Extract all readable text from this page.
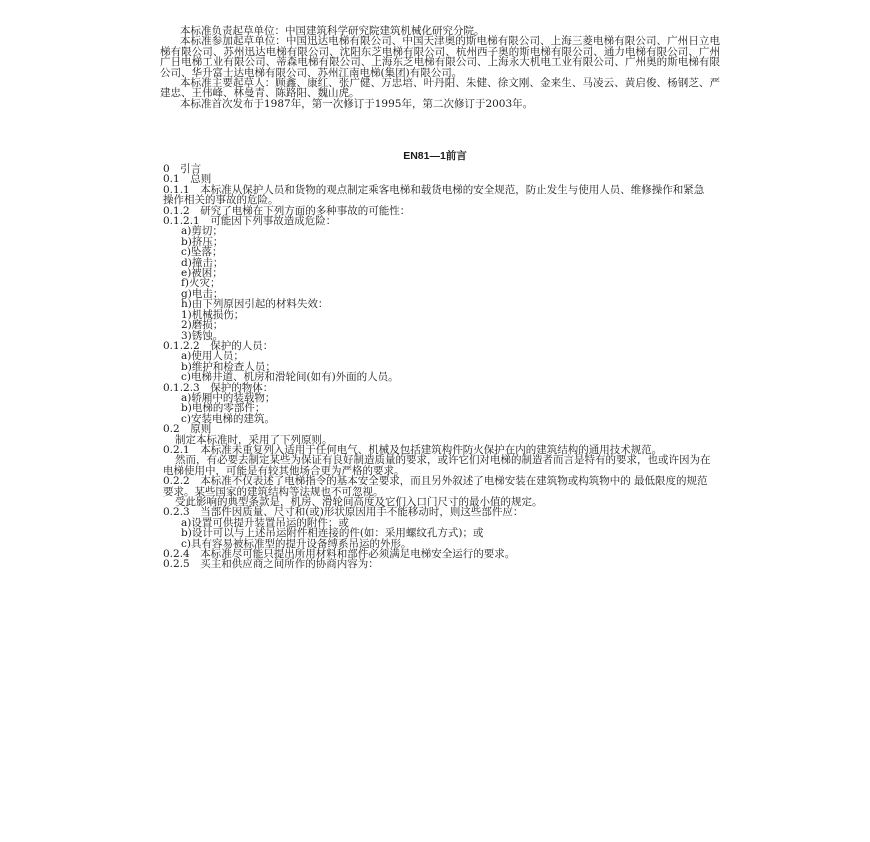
本标准负责起草单位：中国建筑科学研究院建筑机械化研究分院。

本标准参加起草单位：中国迅达电梯有限公司、中国天津奥的斯电梯有限公司、上海三菱电梯有限公司、广州日立电梯有限公司、苏州迅达电梯有限公司、沈阳东芝电梯有限公司、杭州西子奥的斯电梯有限公司、通力电梯有限公司、广州广日电梯工业有限公司、蒂森电梯有限公司、上海东芝电梯有限公司、上海永大机电工业有限公司、广州奥的斯电梯有限公司、华升富士达电梯有限公司、苏州江南电梯(集团)有限公司。

本标准主要起草人：顾鑫、康红、张广健、万忠培、叶丹阳、朱健、徐文刚、金来生、马凌云、黄启俊、杨钢芝、严建忠、王伟峰、林曼青、陈路阳、魏山虎。

本标准首次发布于1987年，第一次修订于1995年，第二次修订于2003年。

EN81—1前言

0　引言

0.1　总则

0.1.1　本标准从保护人员和货物的观点制定乘客电梯和载货电梯的安全规范，防止发生与使用人员、维修操作和紧急操作相关的事故的危险。

0.1.2　研究了电梯在下列方面的多种事故的可能性：

0.1.2.1　可能因下列事故造成危险：

a)剪切；

b)挤压；

c)坠落；

d)撞击；

e)被困；

f)火灾；

g)电击；

h)由下列原因引起的材料失效：

1)机械损伤；

2)磨损；

3)锈蚀。

0.1.2.2　保护的人员：

a)使用人员；

b)维护和检查人员；

c)电梯井道、机房和滑轮间(如有)外面的人员。

0.1.2.3　保护的物体：

a)轿厢中的装载物；

b)电梯的零部件；

c)安装电梯的建筑。

0.2　原则

制定本标准时，采用了下列原则。

0.2.1　本标准未重复列入适用于任何电气、机械及包括建筑构件防火保护在内的建筑结构的通用技术规范。

然而，有必要去制定某些为保证有良好制造质量的要求，或许它们对电梯的制造者而言是特有的要求，也或许因为在电梯使用中，可能是有较其他场合更为严格的要求。

0.2.2　本标准不仅表述了电梯指令的基本安全要求，而且另外叙述了电梯安装在建筑物或构筑物中的 最低限度的规范要求。某些国家的建筑结构等法规也不可忽视。

受此影响的典型条款是，机房、滑轮间高度及它们入口门尺寸的最小值的规定。

0.2.3　当部件因质量、尺寸和(或)形状原因用手不能移动时，则这些部件应：

a)设置可供提升装置吊运的附件；或

b)设计可以与上述吊运附件相连接的件(如：采用螺纹孔方式)；或

c)具有容易被标准型的提升设备缚系吊运的外形。

0.2.4　本标准尽可能只提出所用材料和部件必须满足电梯安全运行的要求。

0.2.5　买主和供应商之间所作的协商内容为：
